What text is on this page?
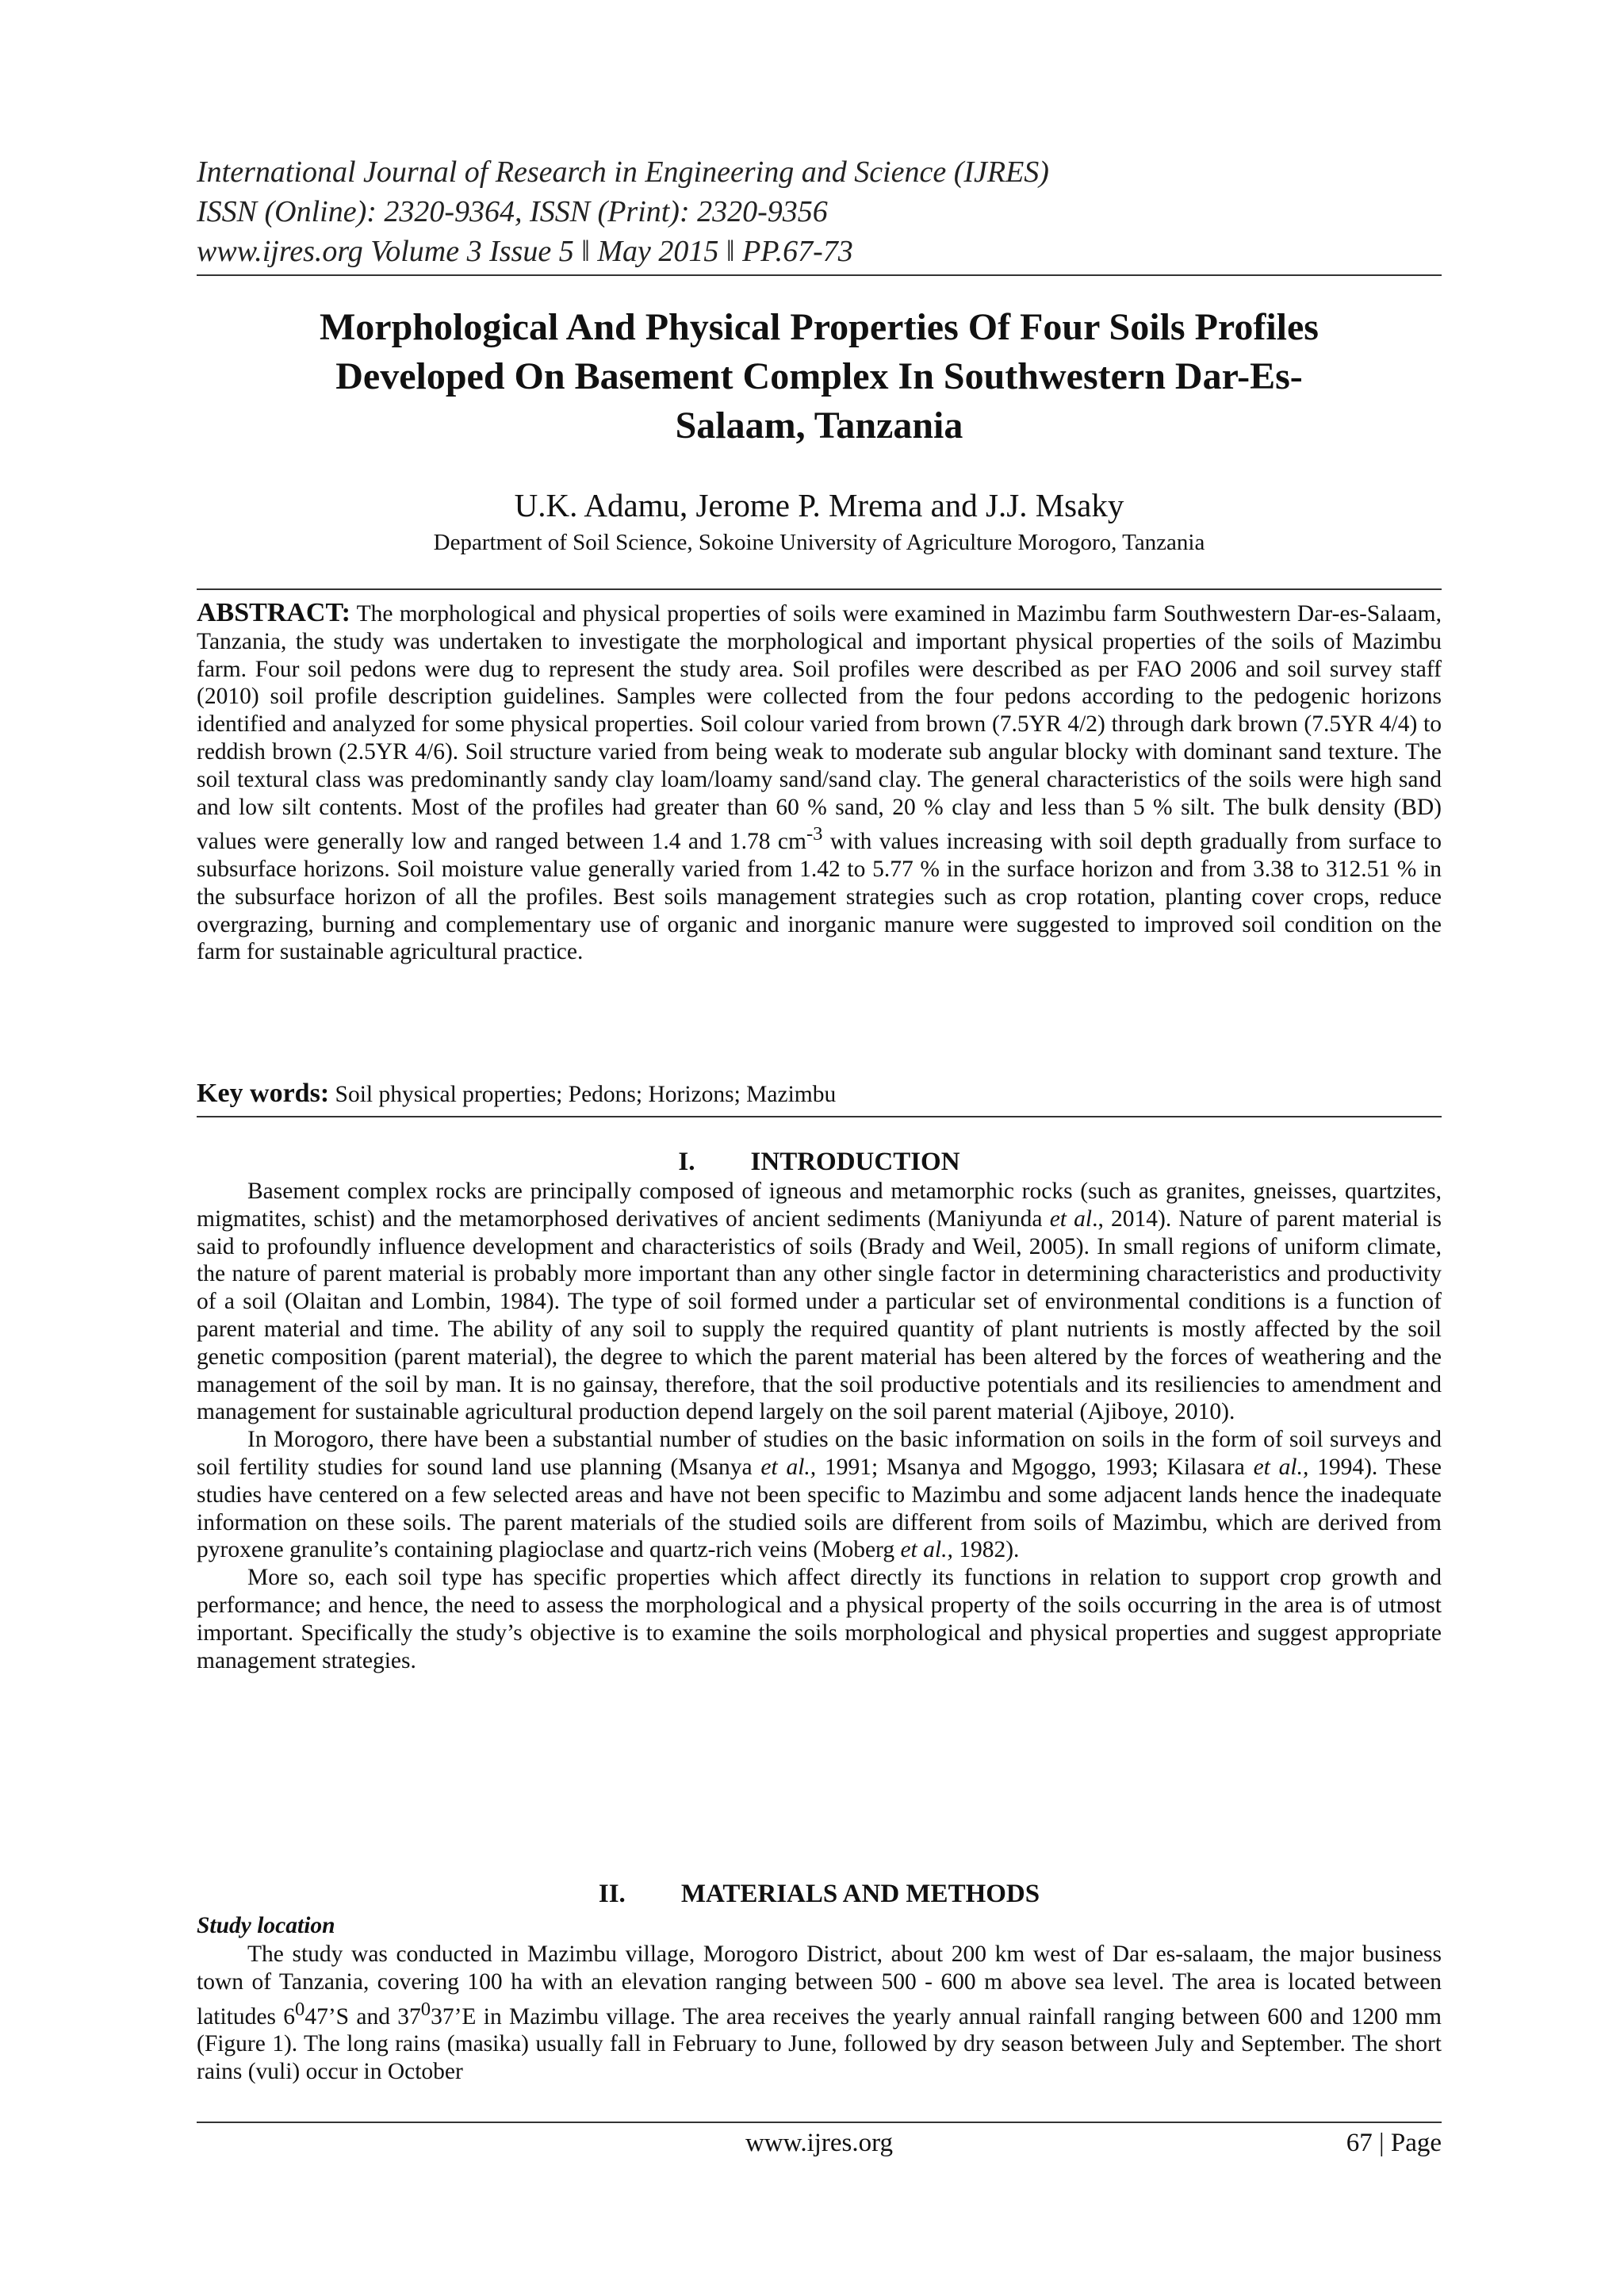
International Journal of Research in Engineering and Science (IJRES)
ISSN (Online): 2320-9364, ISSN (Print): 2320-9356
www.ijres.org Volume 3 Issue 5 ǁ May 2015 ǁ PP.67-73
Morphological And Physical Properties Of Four Soils Profiles
Developed On Basement Complex In Southwestern Dar-Es-
Salaam, Tanzania
U.K. Adamu, Jerome P. Mrema and J.J. Msaky
Department of Soil Science, Sokoine University of Agriculture Morogoro, Tanzania
ABSTRACT: The morphological and physical properties of soils were examined in Mazimbu farm Southwestern Dar-es-Salaam, Tanzania, the study was undertaken to investigate the morphological and important physical properties of the soils of Mazimbu farm. Four soil pedons were dug to represent the study area. Soil profiles were described as per FAO 2006 and soil survey staff (2010) soil profile description guidelines. Samples were collected from the four pedons according to the pedogenic horizons identified and analyzed for some physical properties. Soil colour varied from brown (7.5YR 4/2) through dark brown (7.5YR 4/4) to reddish brown (2.5YR 4/6). Soil structure varied from being weak to moderate sub angular blocky with dominant sand texture. The soil textural class was predominantly sandy clay loam/loamy sand/sand clay. The general characteristics of the soils were high sand and low silt contents. Most of the profiles had greater than 60 % sand, 20 % clay and less than 5 % silt. The bulk density (BD) values were generally low and ranged between 1.4 and 1.78 $cm^{-3}$ with values increasing with soil depth gradually from surface to subsurface horizons. Soil moisture value generally varied from 1.42 to 5.77 % in the surface horizon and from 3.38 to 312.51 % in the subsurface horizon of all the profiles. Best soils management strategies such as crop rotation, planting cover crops, reduce overgrazing, burning and complementary use of organic and inorganic manure were suggested to improved soil condition on the farm for sustainable agricultural practice.
Key words: Soil physical properties; Pedons; Horizons; Mazimbu
I. INTRODUCTION

Basement complex rocks are principally composed of igneous and metamorphic rocks (such as granites, gneisses, quartzites, migmatites, schist) and the metamorphosed derivatives of ancient sediments (Maniyunda et al., 2014). Nature of parent material is said to profoundly influence development and characteristics of soils (Brady and Weil, 2005). In small regions of uniform climate, the nature of parent material is probably more important than any other single factor in determining characteristics and productivity of a soil (Olaitan and Lombin, 1984). The type of soil formed under a particular set of environmental conditions is a function of parent material and time. The ability of any soil to supply the required quantity of plant nutrients is mostly affected by the soil genetic composition (parent material), the degree to which the parent material has been altered by the forces of weathering and the management of the soil by man. It is no gainsay, therefore, that the soil productive potentials and its resiliencies to amendment and management for sustainable agricultural production depend largely on the soil parent material (Ajiboye, 2010).

In Morogoro, there have been a substantial number of studies on the basic information on soils in the form of soil surveys and soil fertility studies for sound land use planning (Msanya et al., 1991; Msanya and Mgoggo, 1993; Kilasara et al., 1994). These studies have centered on a few selected areas and have not been specific to Mazimbu and some adjacent lands hence the inadequate information on these soils. The parent materials of the studied soils are different from soils of Mazimbu, which are derived from pyroxene granulite’s containing plagioclase and quartz-rich veins (Moberg et al., 1982).

More so, each soil type has specific properties which affect directly its functions in relation to support crop growth and performance; and hence, the need to assess the morphological and a physical property of the soils occurring in the area is of utmost important. Specifically the study’s objective is to examine the soils morphological and physical properties and suggest appropriate management strategies.

II. MATERIALS AND METHODS
Study location

The study was conducted in Mazimbu village, Morogoro District, about 200 km west of Dar es-salaam, the major business town of Tanzania, covering 100 ha with an elevation ranging between 500 - 600 m above sea level. The area is located between latitudes $6^047’S$ and $37^037’E$ in Mazimbu village. The area receives the yearly annual rainfall ranging between 600 and 1200 mm (Figure 1). The long rains (masika) usually fall in February to June, followed by dry season between July and September. The short rains (vuli) occur in October

www.ijres.org	67 | Page
